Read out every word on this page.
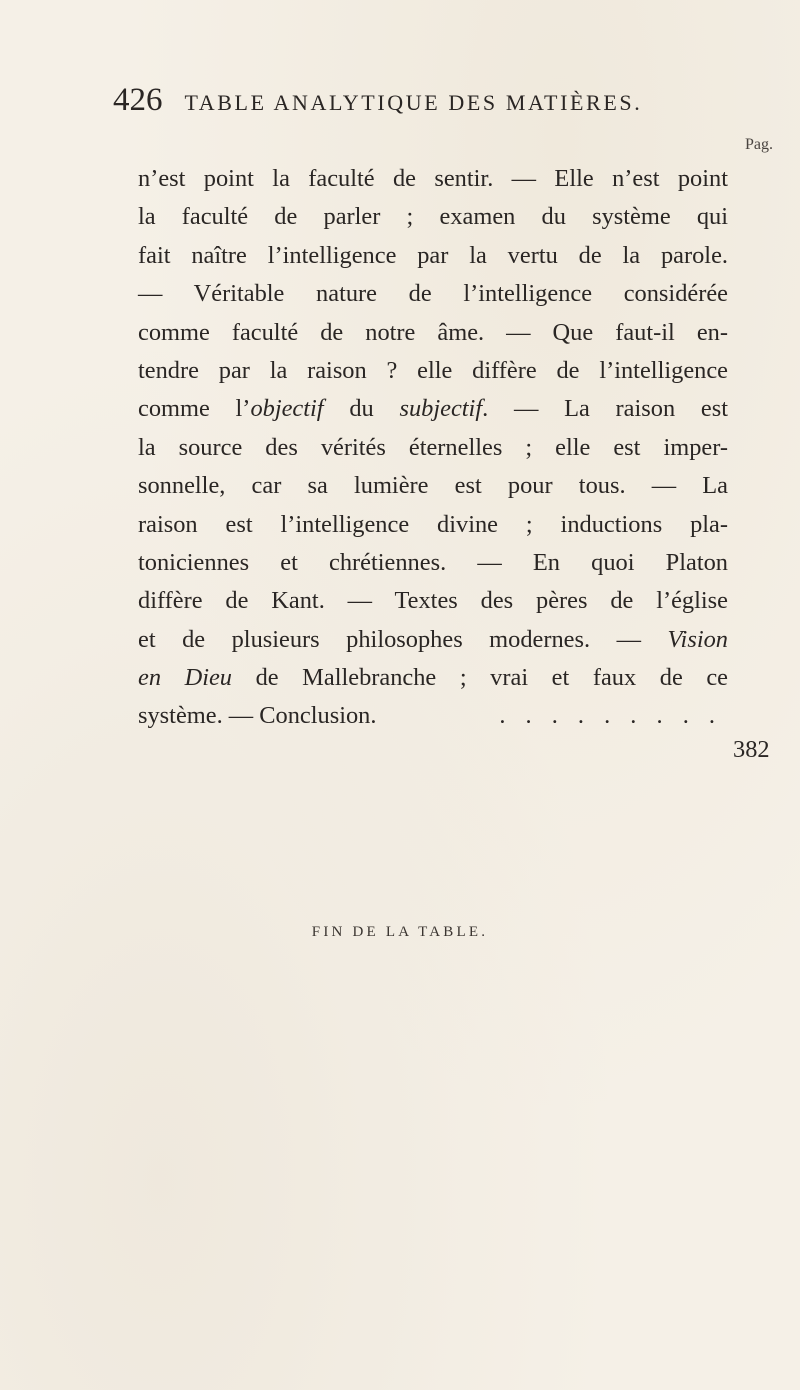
426 TABLE ANALYTIQUE DES MATIÈRES.
Pag.
n’est point la faculté de sentir. — Elle n’est point
la faculté de parler ; examen du système qui
fait naître l’intelligence par la vertu de la parole.
— Véritable nature de l’intelligence considérée
comme faculté de notre âme. — Que faut-il en-
tendre par la raison ? elle diffère de l’intelligence
comme l’objectif du subjectif. — La raison est
la source des vérités éternelles ; elle est imper-
sonnelle, car sa lumière est pour tous. — La
raison est l’intelligence divine ; inductions pla-
toniciennes et chrétiennes. — En quoi Platon
diffère de Kant. — Textes des pères de l’église
et de plusieurs philosophes modernes. — Vision
en Dieu de Mallebranche ; vrai et faux de ce
système. — Conclusion.	. . . . . . . . .
382
FIN DE LA TABLE.
